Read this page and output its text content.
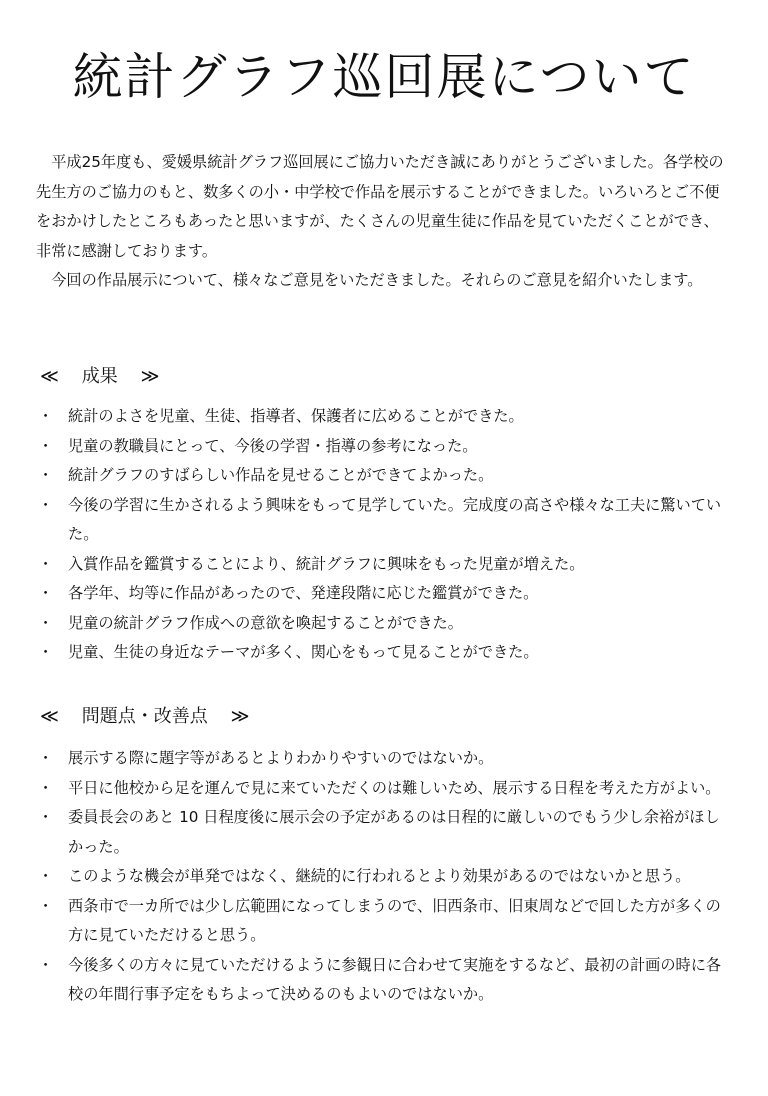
統計グラフ巡回展について

平成25年度も、愛媛県統計グラフ巡回展にご協力いただき誠にありがとうございました。各学校の先生方のご協力のもと、数多くの小・中学校で作品を展示することができました。いろいろとご不便をおかけしたところもあったと思いますが、たくさんの児童生徒に作品を見ていただくことができ、非常に感謝しております。

今回の作品展示について、様々なご意見をいただきました。それらのご意見を紹介いたします。

≪ 成果 ≫
・ 統計のよさを児童、生徒、指導者、保護者に広めることができた。
・ 児童の教職員にとって、今後の学習・指導の参考になった。
・ 統計グラフのすばらしい作品を見せることができてよかった。
・ 今後の学習に生かされるよう興味をもって見学していた。完成度の高さや様々な工夫に驚いていた。
・ 入賞作品を鑑賞することにより、統計グラフに興味をもった児童が増えた。
・ 各学年、均等に作品があったので、発達段階に応じた鑑賞ができた。
・ 児童の統計グラフ作成への意欲を喚起することができた。
・ 児童、生徒の身近なテーマが多く、関心をもって見ることができた。
≪ 問題点・改善点 ≫
・ 展示する際に題字等があるとよりわかりやすいのではないか。
・ 平日に他校から足を運んで見に来ていただくのは難しいため、展示する日程を考えた方がよい。
・ 委員長会のあと 10 日程度後に展示会の予定があるのは日程的に厳しいのでもう少し余裕がほしかった。
・ このような機会が単発ではなく、継続的に行われるとより効果があるのではないかと思う。
・ 西条市で一カ所では少し広範囲になってしまうので、旧西条市、旧東周などで回した方が多くの方に見ていただけると思う。
・ 今後多くの方々に見ていただけるように参観日に合わせて実施をするなど、最初の計画の時に各校の年間行事予定をもちよって決めるのもよいのではないか。
